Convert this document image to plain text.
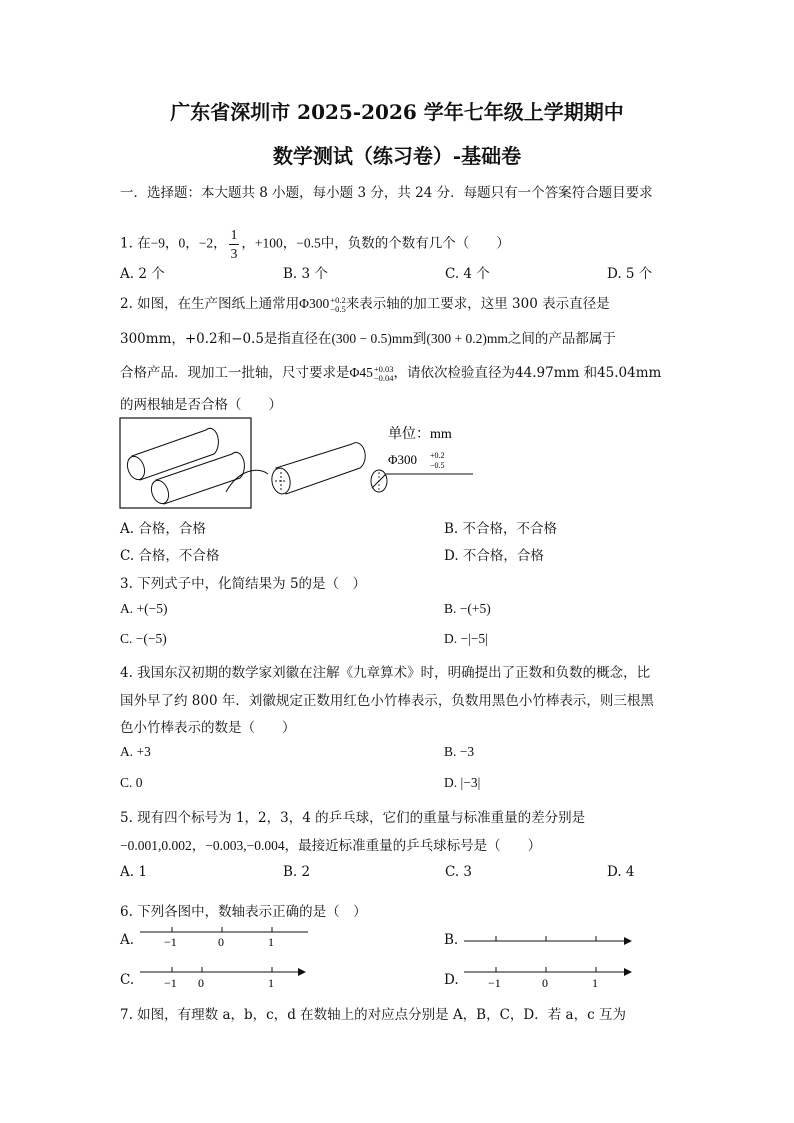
广东省深圳市 2025-2026 学年七年级上学期期中
数学测试（练习卷）-基础卷
一．选择题：本大题共 8 小题，每小题 3 分，共 24 分．每题只有一个答案符合题目要求
1. 在−9，0，−2， $\frac{1}{3}$ ，+100，−0.5中，负数的个数有几个（　　）
A. 2 个	B. 3 个	C. 4 个	D. 5 个
2. 如图，在生产图纸上通常用Φ300 +0.2
−0.5 来表示轴的加工要求，这里 300 表示直径是
300mm，+0.2和−0.5是指直径在(300 − 0.5)mm到(300 + 0.2)mm之间的产品都属于
合格产品．现加工一批轴，尺寸要求是Φ45 +0.03
−0.04 ，请依次检验直径为44.97mm 和45.04mm
的两根轴是否合格（　　）
单位：mm
Φ300 +0.2
−0.5
A. 合格，合格	B. 不合格，不合格
C. 合格，不合格	D. 不合格，合格
3. 下列式子中，化简结果为 5的是（　）
A. +(−5)	B. −(+5)
C. −(−5)	D. −|−5|
4. 我国东汉初期的数学家刘徽在注解《九章算术》时，明确提出了正数和负数的概念，比
国外早了约 800 年．刘徽规定正数用红色小竹棒表示，负数用黑色小竹棒表示，则三根黑
色小竹棒表示的数是（　　）
A. +3	B. −3
C. 0	D. |−3|
5. 现有四个标号为 1，2，3，4 的乒乓球，它们的重量与标准重量的差分别是
−0.001,0.002，−0.003,−0.004，最接近标准重量的乒乓球标号是（　　）
A. 1	B. 2	C. 3	D. 4
6. 下列各图中，数轴表示正确的是（　）
A. −1	0	1	B.
C. −1 0	1	D. −1	0	1
7. 如图，有理数 a，b，c，d 在数轴上的对应点分别是 A，B，C，D．若 a，c 互为
